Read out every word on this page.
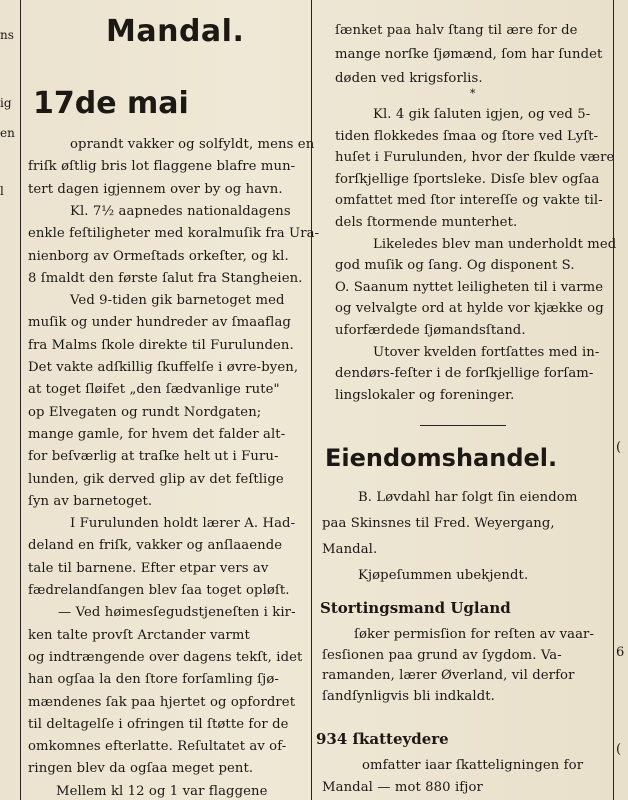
ns
ig
en
l
(
6
(
Mandal.
17de mai
oprandt vakker og solfyldt, mens en
friſk øſtlig bris lot flaggene blafre mun-
tert dagen igjennem over by og havn.
Kl. 7½ aapnedes nationaldagens
enkle feſtiligheter med koralmuſik fra Ura-
nienborg av Ormeſtads orkeſter, og kl.
8 ſmaldt den første ſalut fra Stangheien.
Ved 9-tiden gik barnetoget med
muſik og under hundreder av ſmaaflag
fra Malms ſkole direkte til Furulunden.
Det vakte adſkillig ſkuffelſe i øvre-byen,
at toget ſløifet „den ſædvanlige rute"
op Elvegaten og rundt Nordgaten;
mange gamle, for hvem det falder alt-
for beſværlig at traſke helt ut i Furu-
lunden, gik derved glip av det feſtlige
ſyn av barnetoget.
I Furulunden holdt lærer A. Had-
deland en friſk, vakker og anſlaaende
tale til barnene. Efter etpar vers av
fædrelandſangen blev ſaa toget opløſt.
— Ved høimesſegudstjeneſten i kir-
ken talte provſt Arctander varmt
og indtrængende over dagens tekſt, idet
han ogſaa la den ſtore forſamling ſjø-
mændenes ſak paa hjertet og opfordret
til deltagelſe i ofringen til ſtøtte for de
omkomnes efterlatte. Reſultatet av of-
ringen blev da ogſaa meget pent.
Mellem kl 12 og 1 var flaggene
ſænket paa halv ſtang til ære for de
mange norſke ſjømænd, ſom har ſundet
døden ved krigsforlis.
*
Kl. 4 gik ſaluten igjen, og ved 5-
tiden flokkedes ſmaa og ſtore ved Lyſt-
huſet i Furulunden, hvor der ſkulde være
forſkjellige ſportsleke. Disſe blev ogſaa
omfattet med ſtor intereſſe og vakte til-
dels ſtormende munterhet.
Likeledes blev man underholdt med
god muſik og ſang. Og disponent S.
O. Saanum nyttet leiligheten til i varme
og velvalgte ord at hylde vor kjække og
uforfærdede ſjømandsſtand.
Utover kvelden fortſattes med in-
dendørs-feſter i de forſkjellige forſam-
lingslokaler og foreninger.
Eiendomshandel.
B. Løvdahl har ſolgt ſin eiendom
paa Skinsnes til Fred. Weyergang,
Mandal.
Kjøpeſummen ubekjendt.
Stortingsmand Ugland
ſøker permisſion for reſten av vaar-
ſesſionen paa grund av ſygdom. Va-
ramanden, lærer Øverland, vil derfor
ſandſynligvis bli indkaldt.
934 ſkatteydere
omfatter iaar ſkatteligningen for
Mandal — mot 880 ifjor
